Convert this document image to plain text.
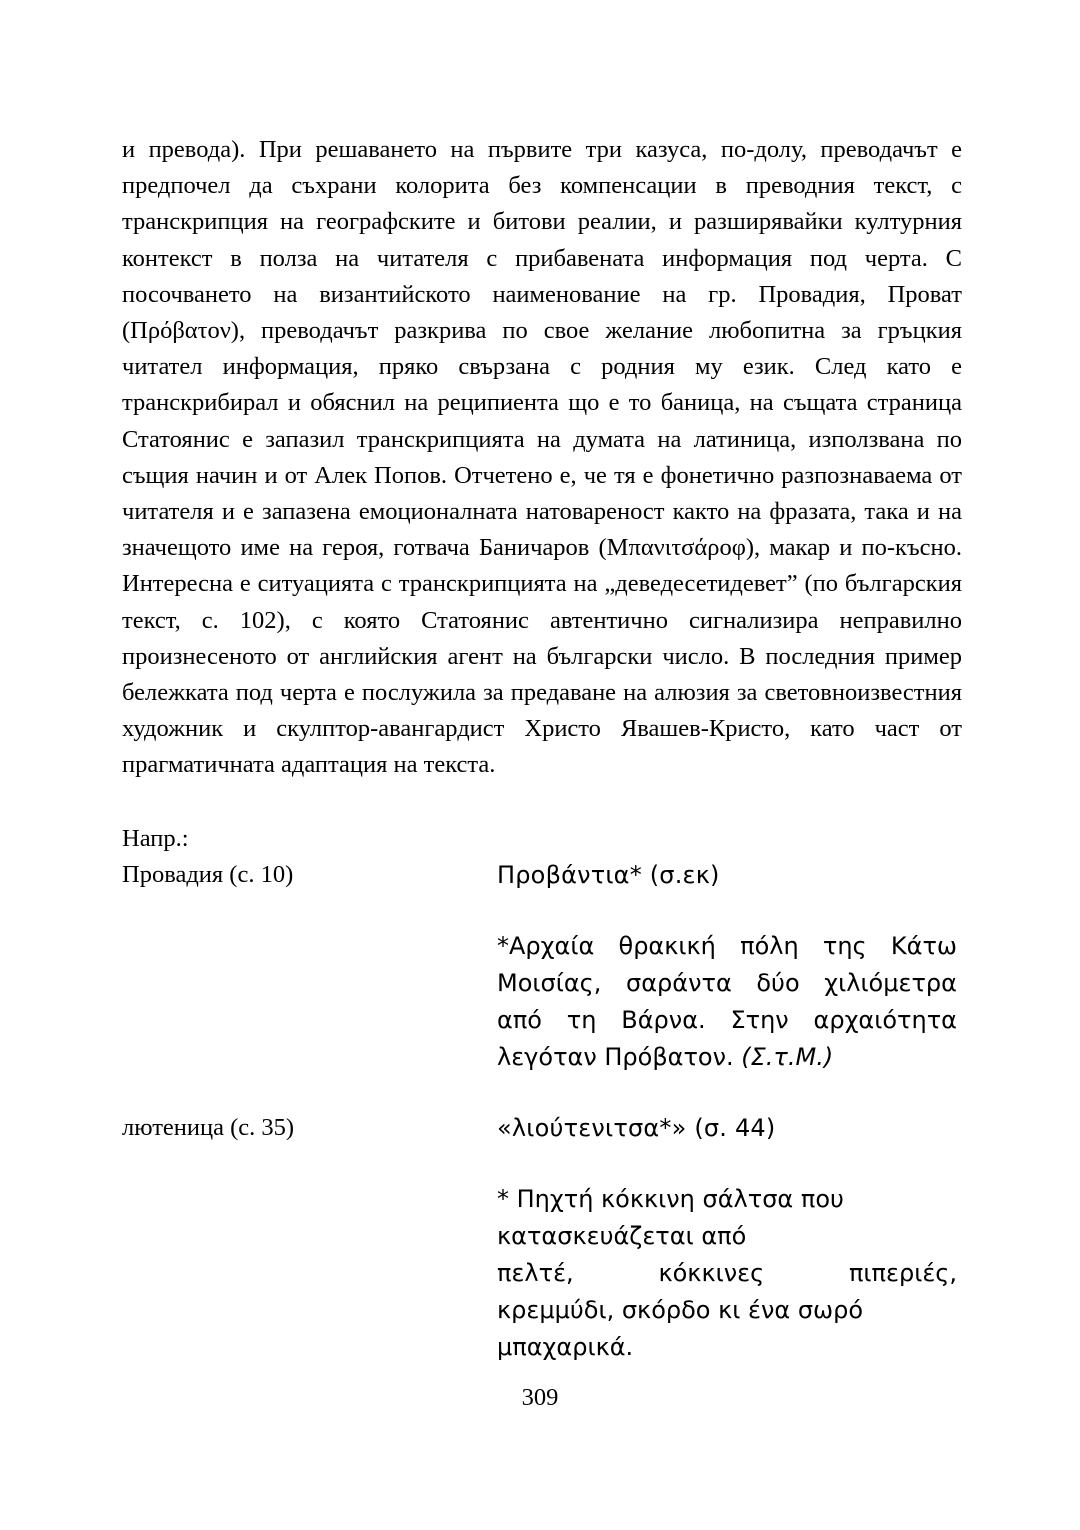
и превода). При решаването на първите три казуса, по-долу, преводачът е предпочел да съхрани колорита без компенсации в преводния текст, с транскрипция на географските и битови реалии, и разширявайки културния контекст в полза на читателя с прибавената информация под черта. С посочването на византийското наименование на гр. Провадия, Проват (Πρόβατον), преводачът разкрива по свое желание любопитна за гръцкия читател информация, пряко свързана с родния му език. След като е транскрибирал и обяснил на реципиента що е то баница, на същата страница Статоянис е запазил транскрипцията на думата на латиница, използвана по същия начин и от Алек Попов. Отчетено е, че тя е фонетично разпознаваема от читателя и е запазена емоционалната натовареност както на фразата, така и на значещото име на героя, готвача Баничаров (Μπανιτσάροφ), макар и по-късно. Интересна е ситуацията с транскрипцията на „деведесетидевет” (по българския текст, с. 102), с която Статоянис автентично сигнализира неправилно произнесеното от английския агент на български число. В последния пример бележката под черта е послужила за предаване на алюзия за световноизвестния художник и скулптор-авангардист Христо Явашев-Кристо, като част от прагматичната адаптация на текста.

Напр.:
Провадия (с. 10)	Προβάντια* (σ.εκ)
*Αρχαία θρακική πόλη της Κάτω Μοισίας, σαράντα δύο χιλιόμετρα από τη Βάρνα. Στην αρχαιότητα λεγόταν Πρόβατον. (Σ.τ.Μ.)
лютеница (с. 35)	«λιούτενιτσα*» (σ. 44)
* Πηχτή κόκκινη σάλτσα που
κατασκευάζεται από
πελτέ, κόκκινες πιπεριές,
κρεμμύδι, σκόρδο κι ένα σωρό
μπαχαρικά.
309
